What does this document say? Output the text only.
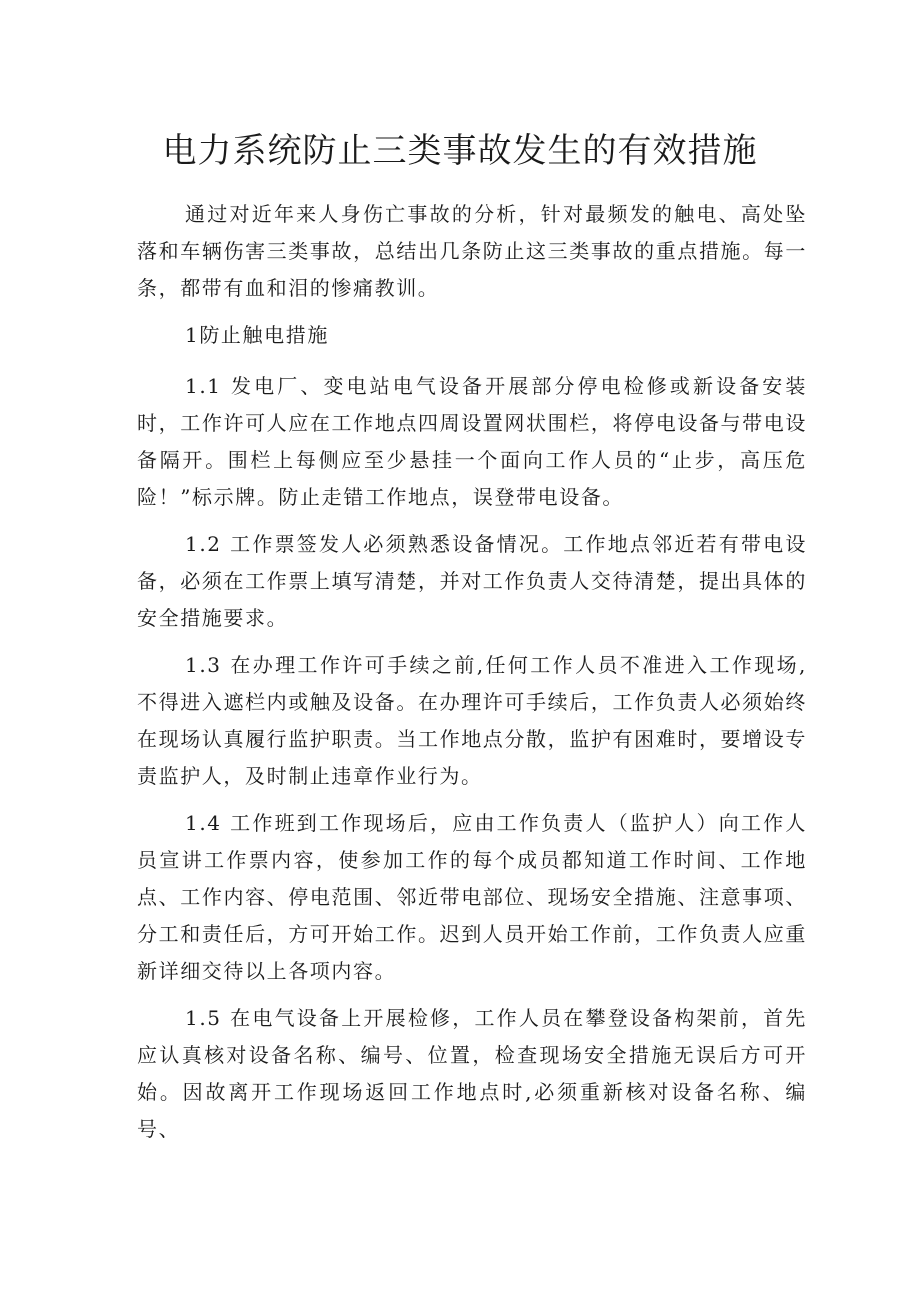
电力系统防止三类事故发生的有效措施

通过对近年来人身伤亡事故的分析，针对最频发的触电、高处坠落和车辆伤害三类事故，总结出几条防止这三类事故的重点措施。每一条，都带有血和泪的惨痛教训。

1防止触电措施

1.1 发电厂、变电站电气设备开展部分停电检修或新设备安装时，工作许可人应在工作地点四周设置网状围栏，将停电设备与带电设备隔开。围栏上每侧应至少悬挂一个面向工作人员的“止步，高压危险！”标示牌。防止走错工作地点，误登带电设备。

1.2 工作票签发人必须熟悉设备情况。工作地点邻近若有带电设备，必须在工作票上填写清楚，并对工作负责人交待清楚，提出具体的安全措施要求。

1.3 在办理工作许可手续之前,任何工作人员不准进入工作现场,不得进入遮栏内或触及设备。在办理许可手续后，工作负责人必须始终在现场认真履行监护职责。当工作地点分散，监护有困难时，要增设专责监护人，及时制止违章作业行为。

1.4 工作班到工作现场后，应由工作负责人（监护人）向工作人员宣讲工作票内容，使参加工作的每个成员都知道工作时间、工作地点、工作内容、停电范围、邻近带电部位、现场安全措施、注意事项、分工和责任后，方可开始工作。迟到人员开始工作前，工作负责人应重新详细交待以上各项内容。

1.5 在电气设备上开展检修，工作人员在攀登设备构架前，首先应认真核对设备名称、编号、位置，检查现场安全措施无误后方可开始。因故离开工作现场返回工作地点时,必须重新核对设备名称、编号、
